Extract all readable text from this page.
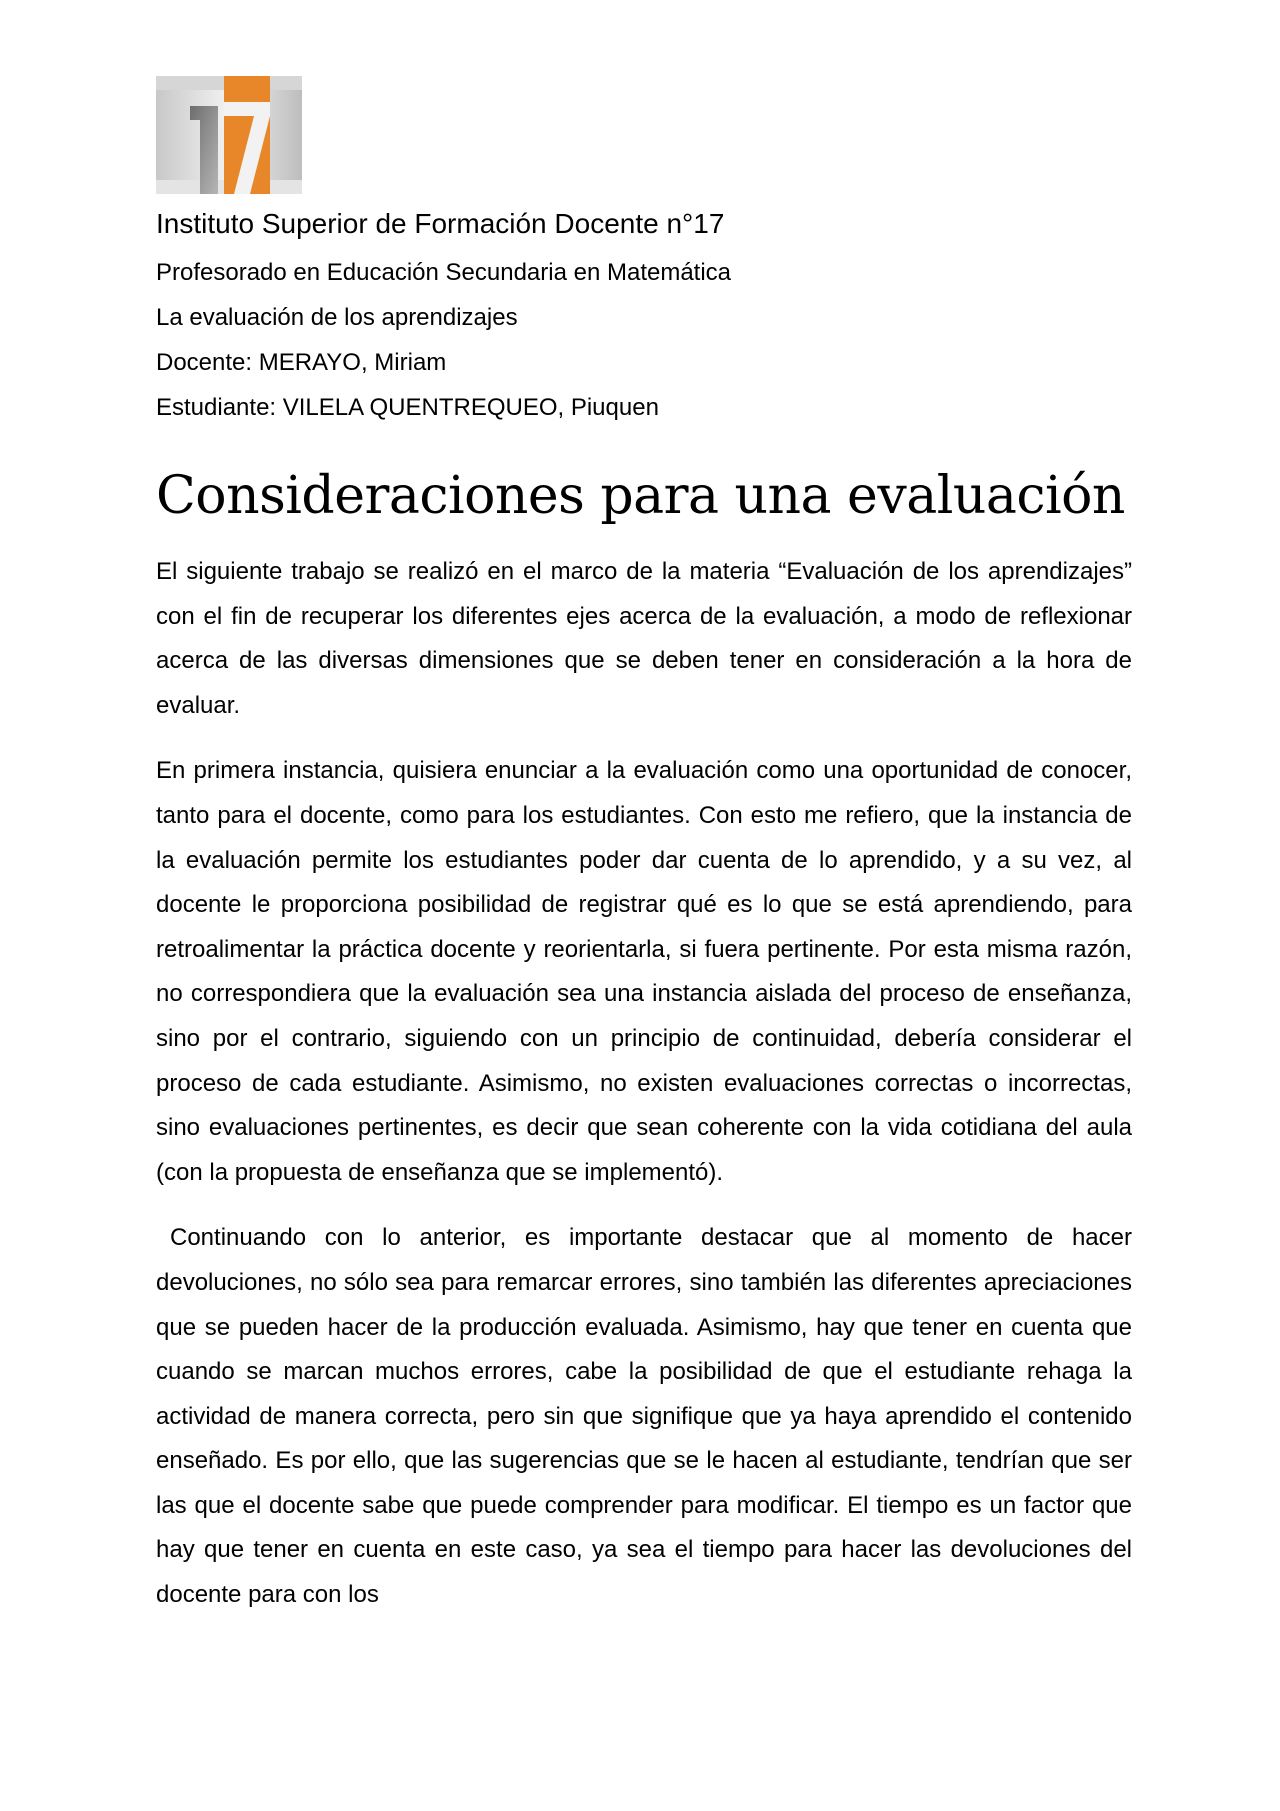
Instituto Superior de Formación Docente n°17
Profesorado en Educación Secundaria en Matemática
La evaluación de los aprendizajes
Docente: MERAYO, Miriam
Estudiante: VILELA QUENTREQUEO, Piuquen
Consideraciones para una evaluación

El siguiente trabajo se realizó en el marco de la materia “Evaluación de los aprendizajes” con el fin de recuperar los diferentes ejes acerca de la evaluación, a modo de reflexionar acerca de las diversas dimensiones que se deben tener en consideración a la hora de evaluar.

En primera instancia, quisiera enunciar a la evaluación como una oportunidad de conocer, tanto para el docente, como para los estudiantes. Con esto me refiero, que la instancia de la evaluación permite los estudiantes poder dar cuenta de lo aprendido, y a su vez, al docente le proporciona posibilidad de registrar qué es lo que se está aprendiendo, para retroalimentar la práctica docente y reorientarla, si fuera pertinente. Por esta misma razón, no correspondiera que la evaluación sea una instancia aislada del proceso de enseñanza, sino por el contrario, siguiendo con un principio de continuidad, debería considerar el proceso de cada estudiante. Asimismo, no existen evaluaciones correctas o incorrectas, sino evaluaciones pertinentes, es decir que sean coherente con la vida cotidiana del aula (con la propuesta de enseñanza que se implementó).

Continuando con lo anterior, es importante destacar que al momento de hacer devoluciones, no sólo sea para remarcar errores, sino también las diferentes apreciaciones que se pueden hacer de la producción evaluada. Asimismo, hay que tener en cuenta que cuando se marcan muchos errores, cabe la posibilidad de que el estudiante rehaga la actividad de manera correcta, pero sin que signifique que ya haya aprendido el contenido enseñado. Es por ello, que las sugerencias que se le hacen al estudiante, tendrían que ser las que el docente sabe que puede comprender para modificar. El tiempo es un factor que hay que tener en cuenta en este caso, ya sea el tiempo para hacer las devoluciones del docente para con los
